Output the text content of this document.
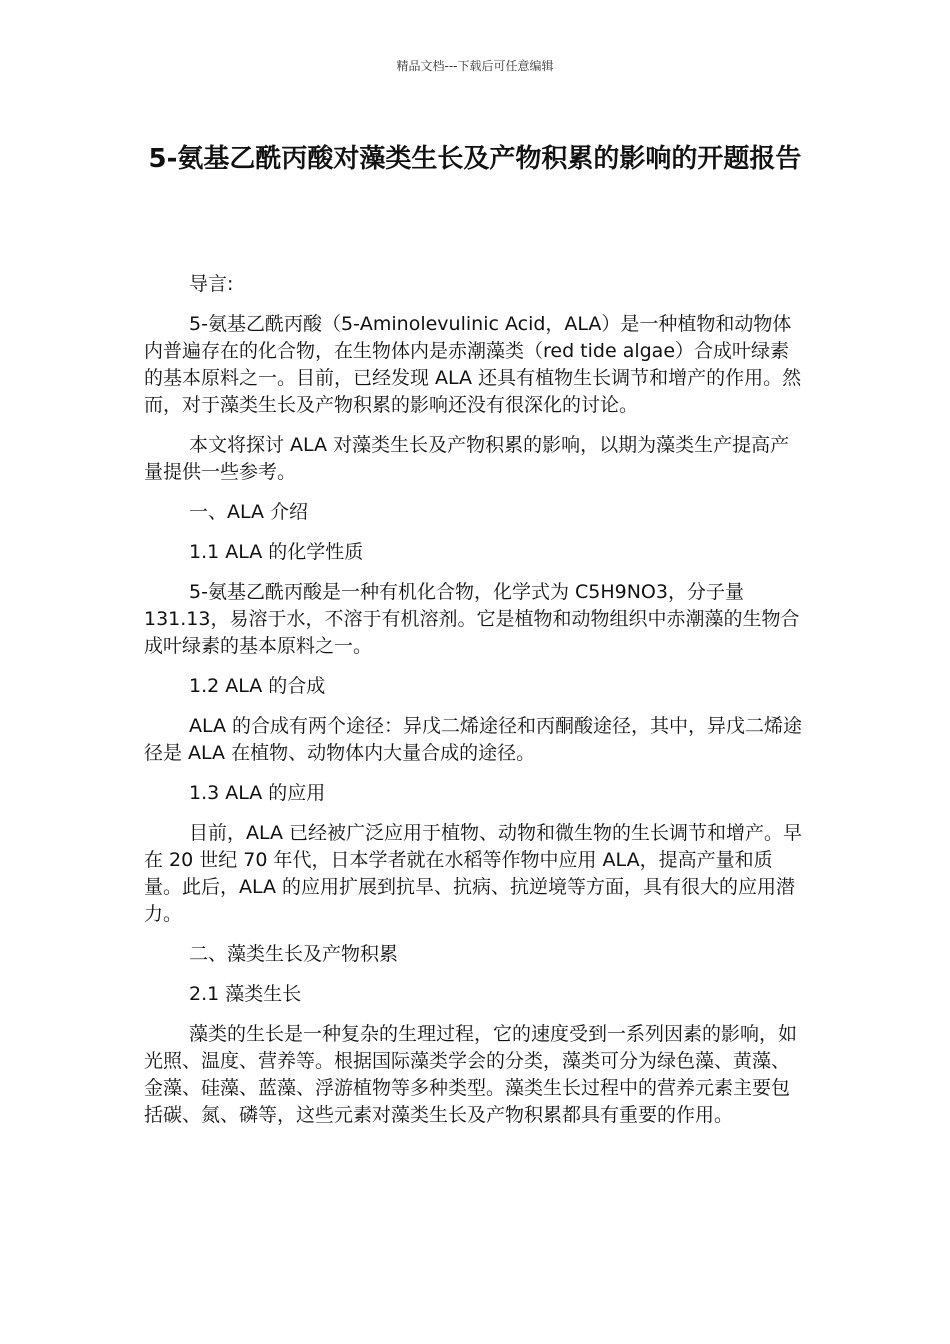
精品文档---下载后可任意编辑
5-氨基乙酰丙酸对藻类生长及产物积累的影响的开题报告

导言:

5-氨基乙酰丙酸（5-Aminolevulinic Acid，ALA）是一种植物和动物体内普遍存在的化合物，在生物体内是赤潮藻类（red tide algae）合成叶绿素的基本原料之一。目前，已经发现 ALA 还具有植物生长调节和增产的作用。然而，对于藻类生长及产物积累的影响还没有很深化的讨论。

本文将探讨 ALA 对藻类生长及产物积累的影响，以期为藻类生产提高产量提供一些参考。

一、ALA 介绍

1.1 ALA 的化学性质

5-氨基乙酰丙酸是一种有机化合物，化学式为 C5H9NO3，分子量 131.13，易溶于水，不溶于有机溶剂。它是植物和动物组织中赤潮藻的生物合成叶绿素的基本原料之一。

1.2 ALA 的合成

ALA 的合成有两个途径：异戊二烯途径和丙酮酸途径，其中，异戊二烯途径是 ALA 在植物、动物体内大量合成的途径。

1.3 ALA 的应用

目前，ALA 已经被广泛应用于植物、动物和微生物的生长调节和增产。早在 20 世纪 70 年代，日本学者就在水稻等作物中应用 ALA，提高产量和质量。此后，ALA 的应用扩展到抗旱、抗病、抗逆境等方面，具有很大的应用潜力。

二、藻类生长及产物积累

2.1 藻类生长

藻类的生长是一种复杂的生理过程，它的速度受到一系列因素的影响，如光照、温度、营养等。根据国际藻类学会的分类，藻类可分为绿色藻、黄藻、金藻、硅藻、蓝藻、浮游植物等多种类型。藻类生长过程中的营养元素主要包括碳、氮、磷等，这些元素对藻类生长及产物积累都具有重要的作用。
